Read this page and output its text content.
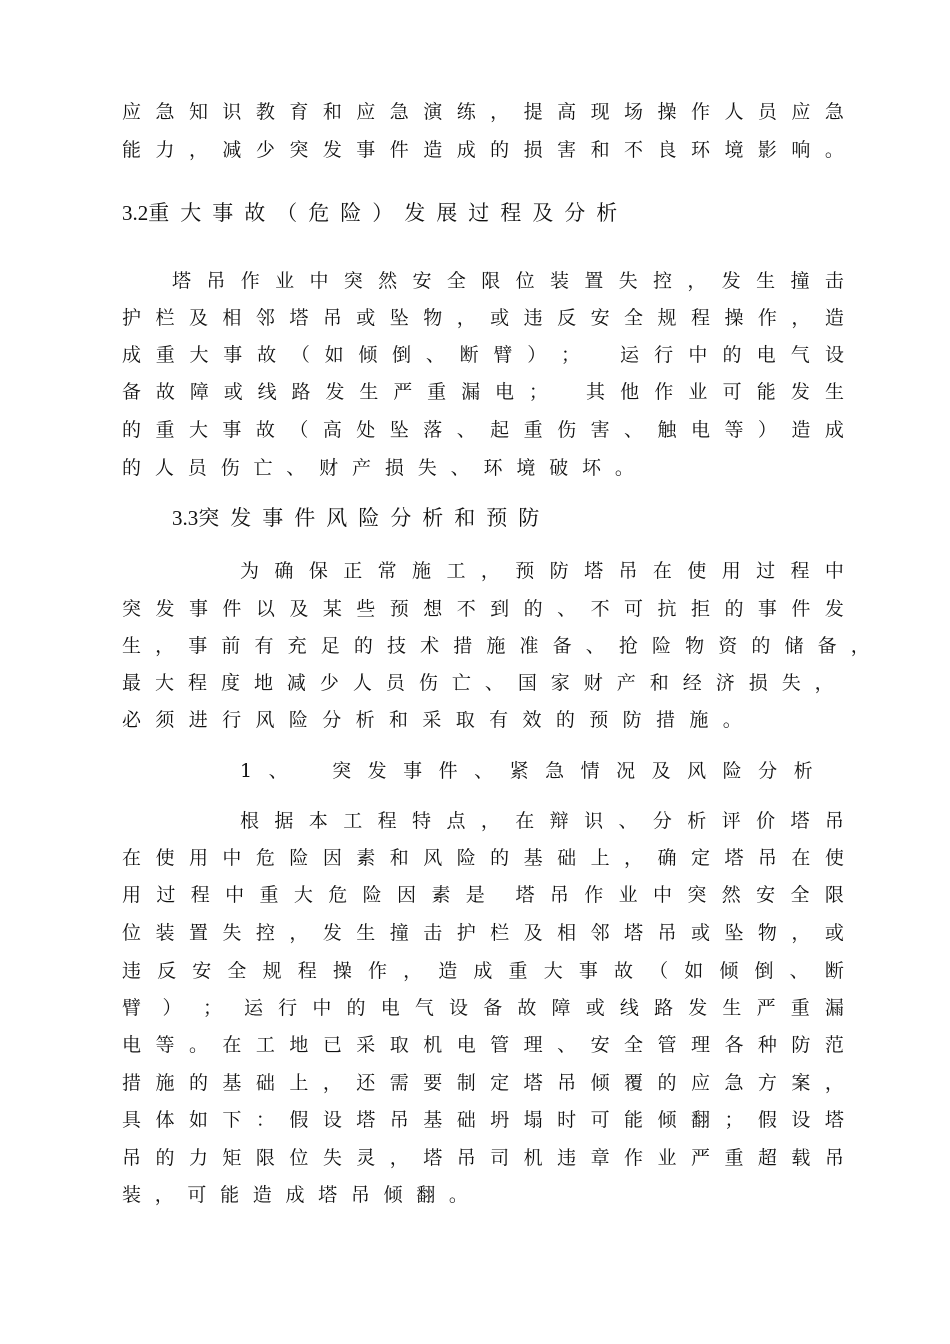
应 急 知 识 教 育 和 应 急 演 练 ， 提 高 现 场 操 作 人 员 应 急
能 力 ， 减 少 突 发 事 件 造 成 的 损 害 和 不 良 环 境 影 响 。
3.2重大事故（危险）发展过程及分析
塔 吊 作 业 中 突 然 安 全 限 位 装 置 失 控 ， 发 生 撞 击
护 栏 及 相 邻 塔 吊 或 坠 物 ， 或 违 反 安 全 规 程 操 作 ， 造
成 重 大 事 故 （ 如 倾 倒 、 断 臂 ） ； 运 行 中 的 电 气 设
备 故 障 或 线 路 发 生 严 重 漏 电 ； 其 他 作 业 可 能 发 生
的 重 大 事 故 （ 高 处 坠 落 、 起 重 伤 害 、 触 电 等 ） 造 成
的 人 员 伤 亡 、 财 产 损 失 、 环 境 破 坏 。
3.3突发事件风险分析和预防
为 确 保 正 常 施 工 ， 预 防 塔 吊 在 使 用 过 程 中
突 发 事 件 以 及 某 些 预 想 不 到 的 、 不 可 抗 拒 的 事 件 发
生 ， 事 前 有 充 足 的 技 术 措 施 准 备 、 抢 险 物 资 的 储 备 ，
最 大 程 度 地 减 少 人 员 伤 亡 、 国 家 财 产 和 经 济 损 失 ，
必 须 进 行 风 险 分 析 和 采 取 有 效 的 预 防 措 施 。
1、 突发事件、紧急情况及风险分析
根 据 本 工 程 特 点 ， 在 辩 识 、 分 析 评 价 塔 吊
在 使 用 中 危 险 因 素 和 风 险 的 基 础 上 ， 确 定 塔 吊 在 使
用 过 程 中 重 大 危 险 因 素 是 塔 吊 作 业 中 突 然 安 全 限
位 装 置 失 控 ， 发 生 撞 击 护 栏 及 相 邻 塔 吊 或 坠 物 ， 或
违 反 安 全 规 程 操 作 ， 造 成 重 大 事 故 （ 如 倾 倒 、 断
臂 ） ； 运 行 中 的 电 气 设 备 故 障 或 线 路 发 生 严 重 漏
电 等 。 在 工 地 已 采 取 机 电 管 理 、 安 全 管 理 各 种 防 范
措 施 的 基 础 上 ， 还 需 要 制 定 塔 吊 倾 覆 的 应 急 方 案 ，
具 体 如 下 ： 假 设 塔 吊 基 础 坍 塌 时 可 能 倾 翻 ； 假 设 塔
吊 的 力 矩 限 位 失 灵 ， 塔 吊 司 机 违 章 作 业 严 重 超 载 吊
装 ， 可 能 造 成 塔 吊 倾 翻 。
